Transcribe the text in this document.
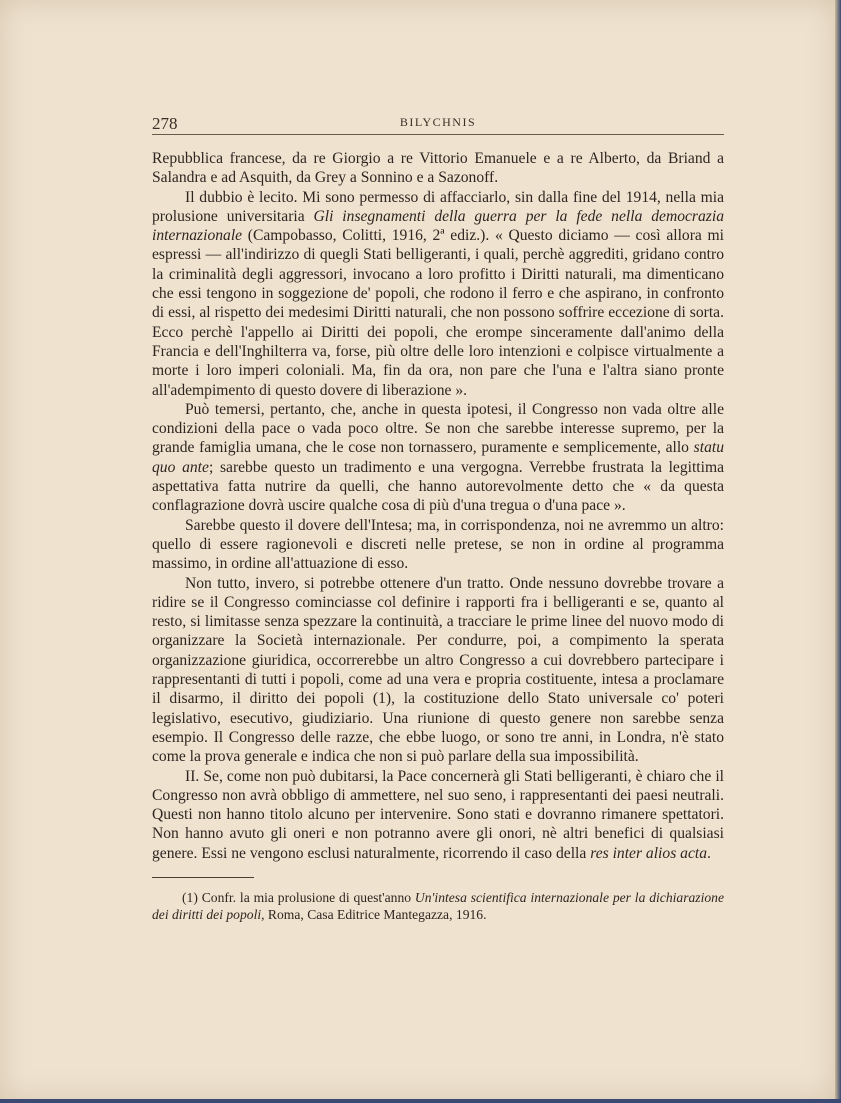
278	BILYCHNIS

Repubblica francese, da re Giorgio a re Vittorio Emanuele e a re Alberto, da Briand a Salandra e ad Asquith, da Grey a Sonnino e a Sazonoff.

Il dubbio è lecito. Mi sono permesso di affacciarlo, sin dalla fine del 1914, nella mia prolusione universitaria Gli insegnamenti della guerra per la fede nella democrazia internazionale (Campobasso, Colitti, 1916, 2ª ediz.). « Questo diciamo — così allora mi espressi — all'indirizzo di quegli Stati belligeranti, i quali, perchè aggrediti, gridano contro la criminalità degli aggressori, invocano a loro profitto i Diritti naturali, ma dimenticano che essi tengono in soggezione de' popoli, che rodono il ferro e che aspirano, in confronto di essi, al rispetto dei medesimi Diritti naturali, che non possono soffrire eccezione di sorta. Ecco perchè l'appello ai Diritti dei popoli, che erompe sinceramente dall'animo della Francia e dell'Inghilterra va, forse, più oltre delle loro intenzioni e colpisce virtualmente a morte i loro imperi coloniali. Ma, fin da ora, non pare che l'una e l'altra siano pronte all'adempimento di questo dovere di liberazione ».

Può temersi, pertanto, che, anche in questa ipotesi, il Congresso non vada oltre alle condizioni della pace o vada poco oltre. Se non che sarebbe interesse supremo, per la grande famiglia umana, che le cose non tornassero, puramente e semplicemente, allo statu quo ante; sarebbe questo un tradimento e una vergogna. Verrebbe frustrata la legittima aspettativa fatta nutrire da quelli, che hanno autorevolmente detto che « da questa conflagrazione dovrà uscire qualche cosa di più d'una tregua o d'una pace ».

Sarebbe questo il dovere dell'Intesa; ma, in corrispondenza, noi ne avremmo un altro: quello di essere ragionevoli e discreti nelle pretese, se non in ordine al programma massimo, in ordine all'attuazione di esso.

Non tutto, invero, si potrebbe ottenere d'un tratto. Onde nessuno dovrebbe trovare a ridire se il Congresso cominciasse col definire i rapporti fra i belligeranti e se, quanto al resto, si limitasse senza spezzare la continuità, a tracciare le prime linee del nuovo modo di organizzare la Società internazionale. Per condurre, poi, a compimento la sperata organizzazione giuridica, occorrerebbe un altro Congresso a cui dovrebbero partecipare i rappresentanti di tutti i popoli, come ad una vera e propria costituente, intesa a proclamare il disarmo, il diritto dei popoli (1), la costituzione dello Stato universale co' poteri legislativo, esecutivo, giudiziario. Una riunione di questo genere non sarebbe senza esempio. Il Congresso delle razze, che ebbe luogo, or sono tre anni, in Londra, n'è stato come la prova generale e indica che non si può parlare della sua impossibilità.

II. Se, come non può dubitarsi, la Pace concernerà gli Stati belligeranti, è chiaro che il Congresso non avrà obbligo di ammettere, nel suo seno, i rappresentanti dei paesi neutrali. Questi non hanno titolo alcuno per intervenire. Sono stati e dovranno rimanere spettatori. Non hanno avuto gli oneri e non potranno avere gli onori, nè altri benefici di qualsiasi genere. Essi ne vengono esclusi naturalmente, ricorrendo il caso della res inter alios acta.

(1) Confr. la mia prolusione di quest'anno Un'intesa scientifica internazionale per la dichiarazione dei diritti dei popoli, Roma, Casa Editrice Mantegazza, 1916.
